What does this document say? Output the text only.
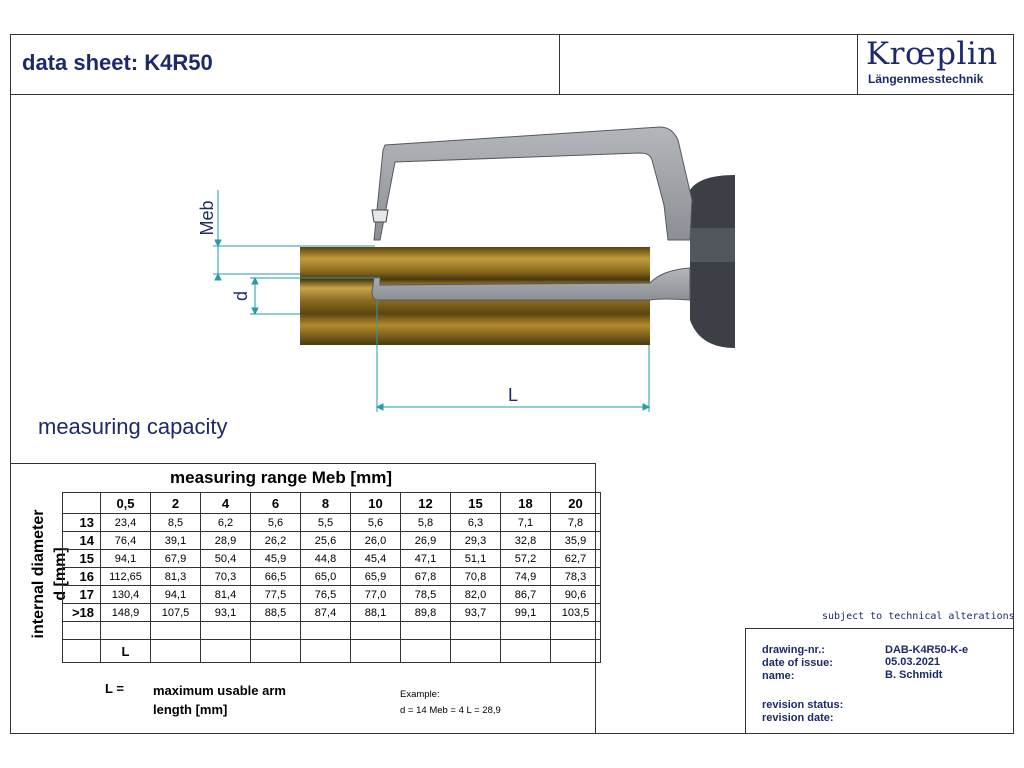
data sheet: K4R50	Krœplin
Längenmesstechnik
Meb
d
L
measuring capacity
measuring range Meb [mm]
internal diameter d [mm]
	0,5	2	4	6	8	10	12	15	18	20
13	23,4	8,5	6,2	5,6	5,5	5,6	5,8	6,3	7,1	7,8
14	76,4	39,1	28,9	26,2	25,6	26,0	26,9	29,3	32,8	35,9
15	94,1	67,9	50,4	45,9	44,8	45,4	47,1	51,1	57,2	62,7
16	112,65	81,3	70,3	66,5	65,0	65,9	67,8	70,8	74,9	78,3
17	130,4	94,1	81,4	77,5	76,5	77,0	78,5	82,0	86,7	90,6
>18	148,9	107,5	93,1	88,5	87,4	88,1	89,8	93,7	99,1	103,5

	L									
L = maximum usable arm
length [mm]
Example:
d = 14 Meb = 4 L = 28,9
subject to technical alterations
drawing-nr.:	DAB-K4R50-K-e
date of issue:	05.03.2021
name:	B. Schmidt
revision status:
revision date:
